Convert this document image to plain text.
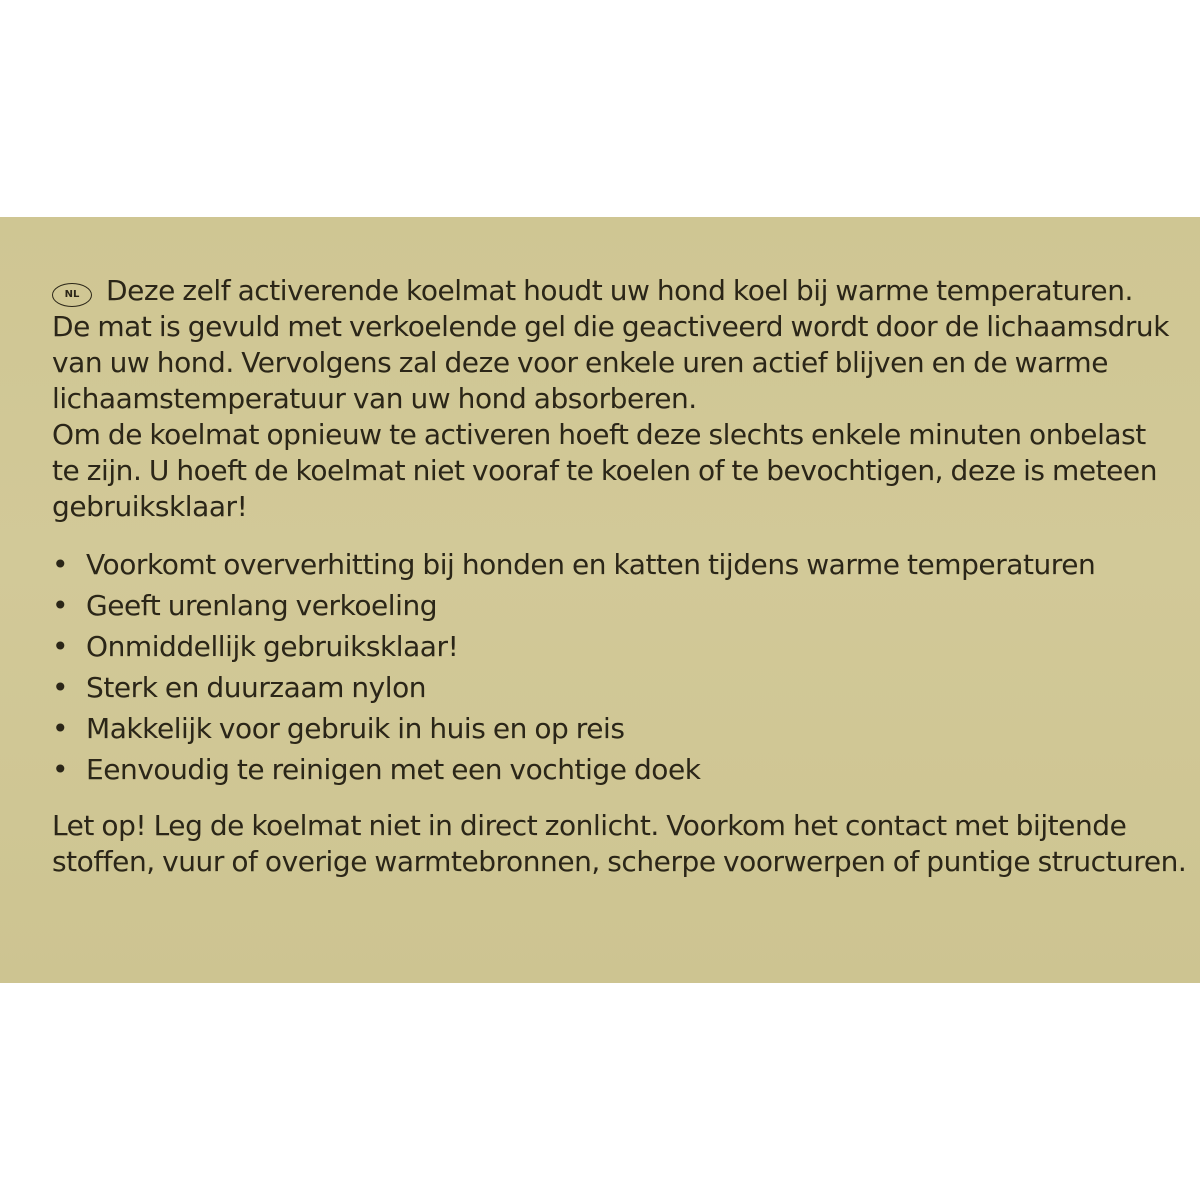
NL Deze zelf activerende koelmat houdt uw hond koel bij warme temperaturen.
De mat is gevuld met verkoelende gel die geactiveerd wordt door de lichaamsdruk
van uw hond. Vervolgens zal deze voor enkele uren actief blijven en de warme
lichaamstemperatuur van uw hond absorberen.
Om de koelmat opnieuw te activeren hoeft deze slechts enkele minuten onbelast
te zijn. U hoeft de koelmat niet vooraf te koelen of te bevochtigen, deze is meteen
gebruiksklaar!
• Voorkomt oververhitting bij honden en katten tijdens warme temperaturen
• Geeft urenlang verkoeling
• Onmiddellijk gebruiksklaar!
• Sterk en duurzaam nylon
• Makkelijk voor gebruik in huis en op reis
• Eenvoudig te reinigen met een vochtige doek
Let op! Leg de koelmat niet in direct zonlicht. Voorkom het contact met bijtende
stoffen, vuur of overige warmtebronnen, scherpe voorwerpen of puntige structuren.
